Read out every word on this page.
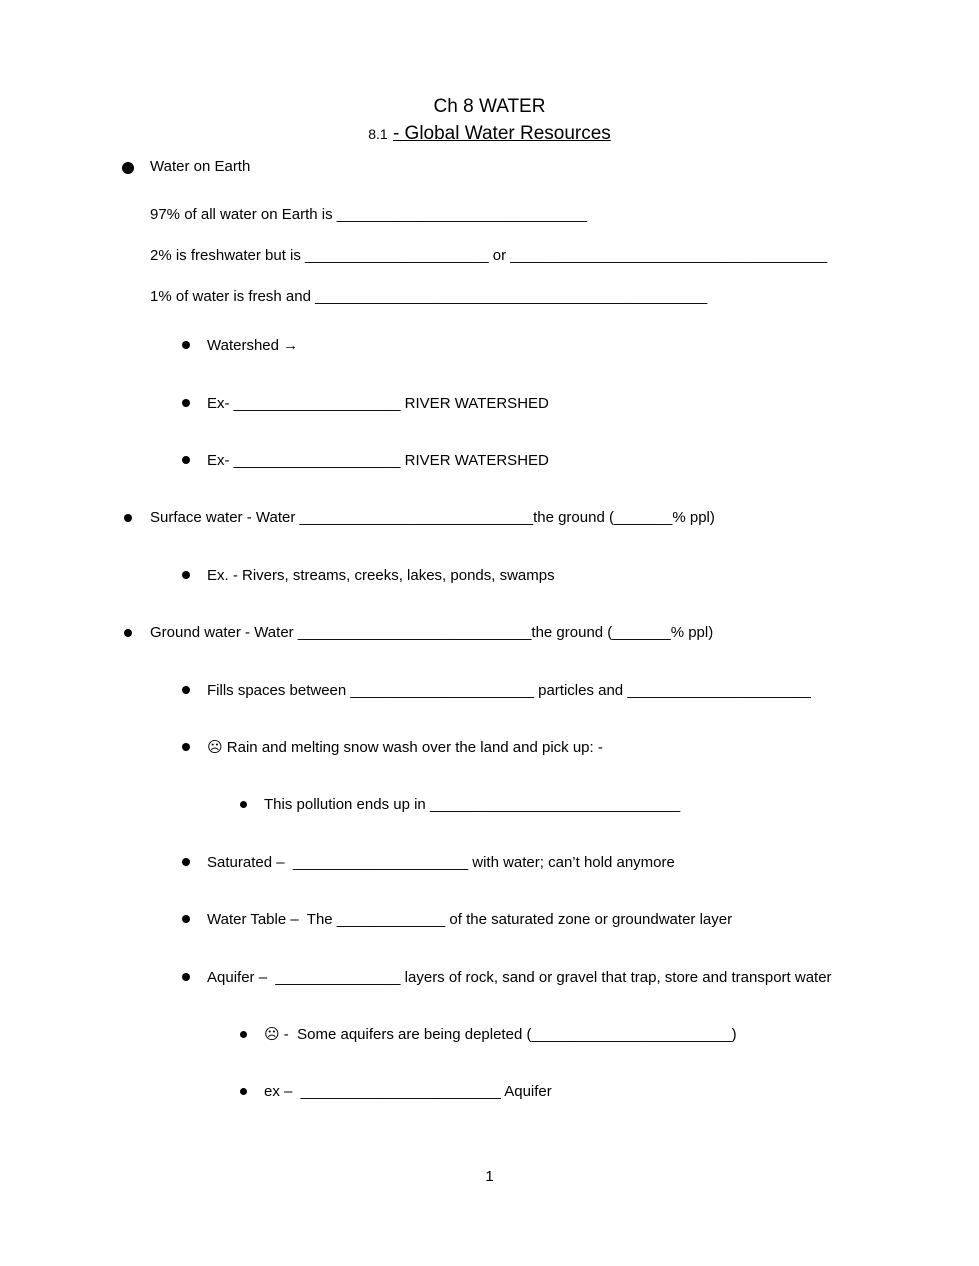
Ch 8 WATER
8.1 - Global Water Resources
Water on Earth
97% of all water on Earth is ______________________________
2% is freshwater but is ______________________ or ______________________________________
1% of water is fresh and _______________________________________________
Watershed →
Ex- ____________________ RIVER WATERSHED
Ex- ____________________ RIVER WATERSHED
Surface water - Water ____________________________the ground (_______% ppl)
Ex. - Rivers, streams, creeks, lakes, ponds, swamps
Ground water - Water ____________________________the ground (_______% ppl)
Fills spaces between ______________________ particles and ______________________
☹ Rain and melting snow wash over the land and pick up: -
This pollution ends up in ______________________________
Saturated –  _____________________ with water; can’t hold anymore
Water Table –  The _____________ of the saturated zone or groundwater layer
Aquifer –  _______________ layers of rock, sand or gravel that trap, store and transport water
☹ -  Some aquifers are being depleted (________________________)
ex –  ________________________ Aquifer
1
